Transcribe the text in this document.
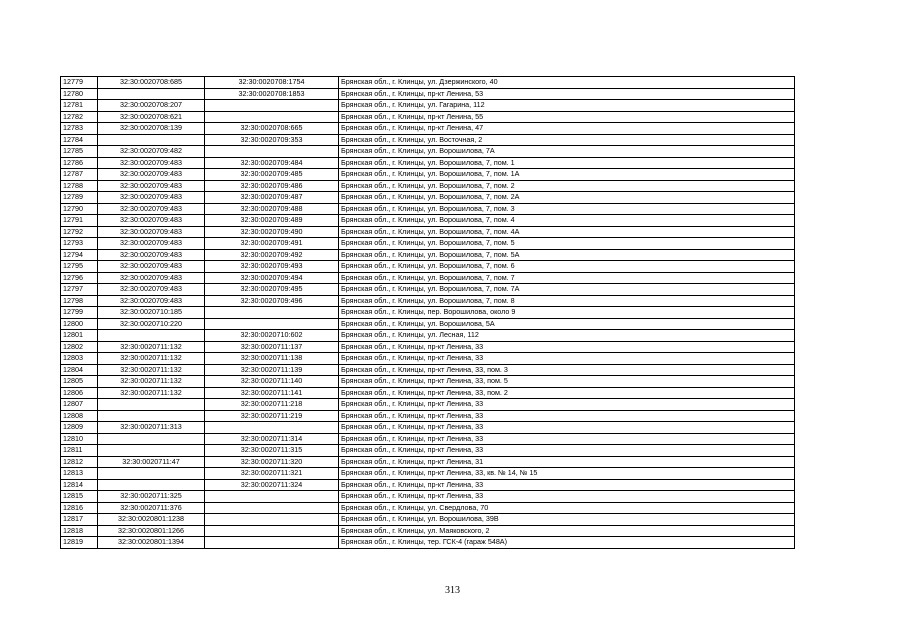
12779	32:30:0020708:685	32:30:0020708:1754	Брянская обл., г. Клинцы, ул. Дзержинского, 40
12780		32:30:0020708:1853	Брянская обл., г. Клинцы, пр-кт Ленина, 53
12781	32:30:0020708:207		Брянская обл., г. Клинцы, ул. Гагарина, 112
12782	32:30:0020708:621		Брянская обл., г. Клинцы, пр-кт Ленина, 55
12783	32:30:0020708:139	32:30:0020708:665	Брянская обл., г. Клинцы, пр-кт Ленина, 47
12784		32:30:0020709:353	Брянская обл., г. Клинцы, ул. Восточная, 2
12785	32:30:0020709:482		Брянская обл., г. Клинцы, ул. Ворошилова, 7А
12786	32:30:0020709:483	32:30:0020709:484	Брянская обл., г. Клинцы, ул. Ворошилова, 7, пом. 1
12787	32:30:0020709:483	32:30:0020709:485	Брянская обл., г. Клинцы, ул. Ворошилова, 7, пом. 1А
12788	32:30:0020709:483	32:30:0020709:486	Брянская обл., г. Клинцы, ул. Ворошилова, 7, пом. 2
12789	32:30:0020709:483	32:30:0020709:487	Брянская обл., г. Клинцы, ул. Ворошилова, 7, пом. 2А
12790	32:30:0020709:483	32:30:0020709:488	Брянская обл., г. Клинцы, ул. Ворошилова, 7, пом. 3
12791	32:30:0020709:483	32:30:0020709:489	Брянская обл., г. Клинцы, ул. Ворошилова, 7, пом. 4
12792	32:30:0020709:483	32:30:0020709:490	Брянская обл., г. Клинцы, ул. Ворошилова, 7, пом. 4А
12793	32:30:0020709:483	32:30:0020709:491	Брянская обл., г. Клинцы, ул. Ворошилова, 7, пом. 5
12794	32:30:0020709:483	32:30:0020709:492	Брянская обл., г. Клинцы, ул. Ворошилова, 7, пом. 5А
12795	32:30:0020709:483	32:30:0020709:493	Брянская обл., г. Клинцы, ул. Ворошилова, 7, пом. 6
12796	32:30:0020709:483	32:30:0020709:494	Брянская обл., г. Клинцы, ул. Ворошилова, 7, пом. 7
12797	32:30:0020709:483	32:30:0020709:495	Брянская обл., г. Клинцы, ул. Ворошилова, 7, пом. 7А
12798	32:30:0020709:483	32:30:0020709:496	Брянская обл., г. Клинцы, ул. Ворошилова, 7, пом. 8
12799	32:30:0020710:185		Брянская обл., г. Клинцы, пер. Ворошилова, около 9
12800	32:30:0020710:220		Брянская обл., г. Клинцы, ул. Ворошилова, 5А
12801		32:30:0020710:602	Брянская обл., г. Клинцы, ул. Лесная, 112
12802	32:30:0020711:132	32:30:0020711:137	Брянская обл., г. Клинцы, пр-кт Ленина, 33
12803	32:30:0020711:132	32:30:0020711:138	Брянская обл., г. Клинцы, пр-кт Ленина, 33
12804	32:30:0020711:132	32:30:0020711:139	Брянская обл., г. Клинцы, пр-кт Ленина, 33, пом. 3
12805	32:30:0020711:132	32:30:0020711:140	Брянская обл., г. Клинцы, пр-кт Ленина, 33, пом. 5
12806	32:30:0020711:132	32:30:0020711:141	Брянская обл., г. Клинцы, пр-кт Ленина, 33, пом. 2
12807		32:30:0020711:218	Брянская обл., г. Клинцы, пр-кт Ленина, 33
12808		32:30:0020711:219	Брянская обл., г. Клинцы, пр-кт Ленина, 33
12809	32:30:0020711:313		Брянская обл., г. Клинцы, пр-кт Ленина, 33
12810		32:30:0020711:314	Брянская обл., г. Клинцы, пр-кт Ленина, 33
12811		32:30:0020711:315	Брянская обл., г. Клинцы, пр-кт Ленина, 33
12812	32:30:0020711:47	32:30:0020711:320	Брянская обл., г. Клинцы, пр-кт Ленина, 31
12813		32:30:0020711:321	Брянская обл., г. Клинцы, пр-кт Ленина, 33, кв. № 14, № 15
12814		32:30:0020711:324	Брянская обл., г. Клинцы, пр-кт Ленина, 33
12815	32:30:0020711:325		Брянская обл., г. Клинцы, пр-кт Ленина, 33
12816	32:30:0020711:376		Брянская обл., г. Клинцы, ул. Свердлова, 70
12817	32:30:0020801:1238		Брянская обл., г. Клинцы, ул. Ворошилова, 39В
12818	32:30:0020801:1266		Брянская обл., г. Клинцы, ул. Маяковского, 2
12819	32:30:0020801:1394		Брянская обл., г. Клинцы, тер. ГСК-4 (гараж 548А)
313
